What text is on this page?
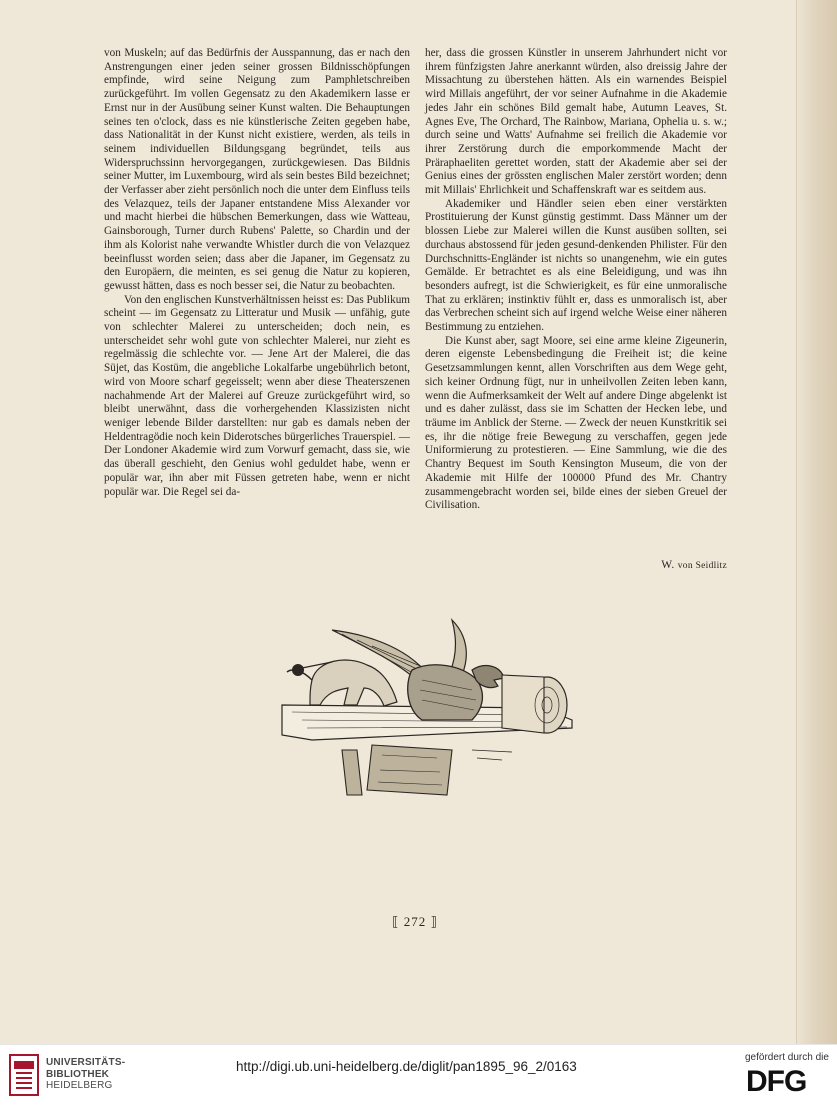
von Muskeln; auf das Bedürfnis der Ausspannung, das er nach den Anstrengungen einer jeden seiner grossen Bildnisschöpfungen empfinde, wird seine Neigung zum Pamphletschreiben zurückgeführt. Im vollen Gegensatz zu den Akademikern lasse er Ernst nur in der Ausübung seiner Kunst walten. Die Behauptungen seines ten o'clock, dass es nie künstlerische Zeiten gegeben habe, dass Nationalität in der Kunst nicht existiere, werden, als teils in seinem individuellen Bildungsgang begründet, teils aus Widerspruchssinn hervorgegangen, zurückgewiesen. Das Bildnis seiner Mutter, im Luxembourg, wird als sein bestes Bild bezeichnet; der Verfasser aber zieht persönlich noch die unter dem Einfluss teils des Velazquez, teils der Japaner entstandene Miss Alexander vor und macht hierbei die hübschen Bemerkungen, dass wie Watteau, Gainsborough, Turner durch Rubens' Palette, so Chardin und der ihm als Kolorist nahe verwandte Whistler durch die von Velazquez beeinflusst worden seien; dass aber die Japaner, im Gegensatz zu den Europäern, die meinten, es sei genug die Natur zu kopieren, gewusst hätten, dass es noch besser sei, die Natur zu beobachten.

Von den englischen Kunstverhältnissen heisst es: Das Publikum scheint — im Gegensatz zu Litteratur und Musik — unfähig, gute von schlechter Malerei zu unterscheiden; doch nein, es unterscheidet sehr wohl gute von schlechter Malerei, nur zieht es regelmässig die schlechte vor. — Jene Art der Malerei, die das Süjet, das Kostüm, die angebliche Lokalfarbe ungebührlich betont, wird von Moore scharf gegeisselt; wenn aber diese Theaterszenen nachahmende Art der Malerei auf Greuze zurückgeführt wird, so bleibt unerwähnt, dass die vorhergehenden Klassizisten nicht weniger lebende Bilder darstellten: nur gab es damals neben der Heldentragödie noch kein Diderotsches bürgerliches Trauerspiel. — Der Londoner Akademie wird zum Vorwurf gemacht, dass sie, wie das überall geschieht, den Genius wohl geduldet habe, wenn er populär war, ihn aber mit Füssen getreten habe, wenn er nicht populär war. Die Regel sei da-

her, dass die grossen Künstler in unserem Jahrhundert nicht vor ihrem fünfzigsten Jahre anerkannt würden, also dreissig Jahre der Missachtung zu überstehen hätten. Als ein warnendes Beispiel wird Millais angeführt, der vor seiner Aufnahme in die Akademie jedes Jahr ein schönes Bild gemalt habe, Autumn Leaves, St. Agnes Eve, The Orchard, The Rainbow, Mariana, Ophelia u. s. w.; durch seine und Watts' Aufnahme sei freilich die Akademie vor ihrer Zerstörung durch die emporkommende Macht der Präraphaeliten gerettet worden, statt der Akademie aber sei der Genius eines der grössten englischen Maler zerstört worden; denn mit Millais' Ehrlichkeit und Schaffenskraft war es seitdem aus.

Akademiker und Händler seien eben einer verstärkten Prostituierung der Kunst günstig gestimmt. Dass Männer um der blossen Liebe zur Malerei willen die Kunst ausüben sollten, sei durchaus abstossend für jeden gesund-denkenden Philister. Für den Durchschnitts-Engländer ist nichts so unangenehm, wie ein gutes Gemälde. Er betrachtet es als eine Beleidigung, und was ihn besonders aufregt, ist die Schwierigkeit, es für eine unmoralische That zu erklären; instinktiv fühlt er, dass es unmoralisch ist, aber das Verbrechen scheint sich auf irgend welche Weise einer näheren Bestimmung zu entziehen.

Die Kunst aber, sagt Moore, sei eine arme kleine Zigeunerin, deren eigenste Lebensbedingung die Freiheit ist; die keine Gesetzsammlungen kennt, allen Vorschriften aus dem Wege geht, sich keiner Ordnung fügt, nur in unheilvollen Zeiten leben kann, wenn die Aufmerksamkeit der Welt auf andere Dinge abgelenkt ist und es daher zulässt, dass sie im Schatten der Hecken lebe, und träume im Anblick der Sterne. — Zweck der neuen Kunstkritik sei es, ihr die nötige freie Bewegung zu verschaffen, gegen jede Uniformierung zu protestieren. — Eine Sammlung, wie die des Chantry Bequest im South Kensington Museum, die von der Akademie mit Hilfe der 100000 Pfund des Mr. Chantry zusammengebracht worden sei, bilde eines der sieben Greuel der Civilisation.

W. von Seidlitz
⟦ 272 ⟧
UNIVERSITÄTS-
BIBLIOTHEK
HEIDELBERG
http://digi.ub.uni-heidelberg.de/diglit/pan1895_96_2/0163
gefördert durch die
DFG
